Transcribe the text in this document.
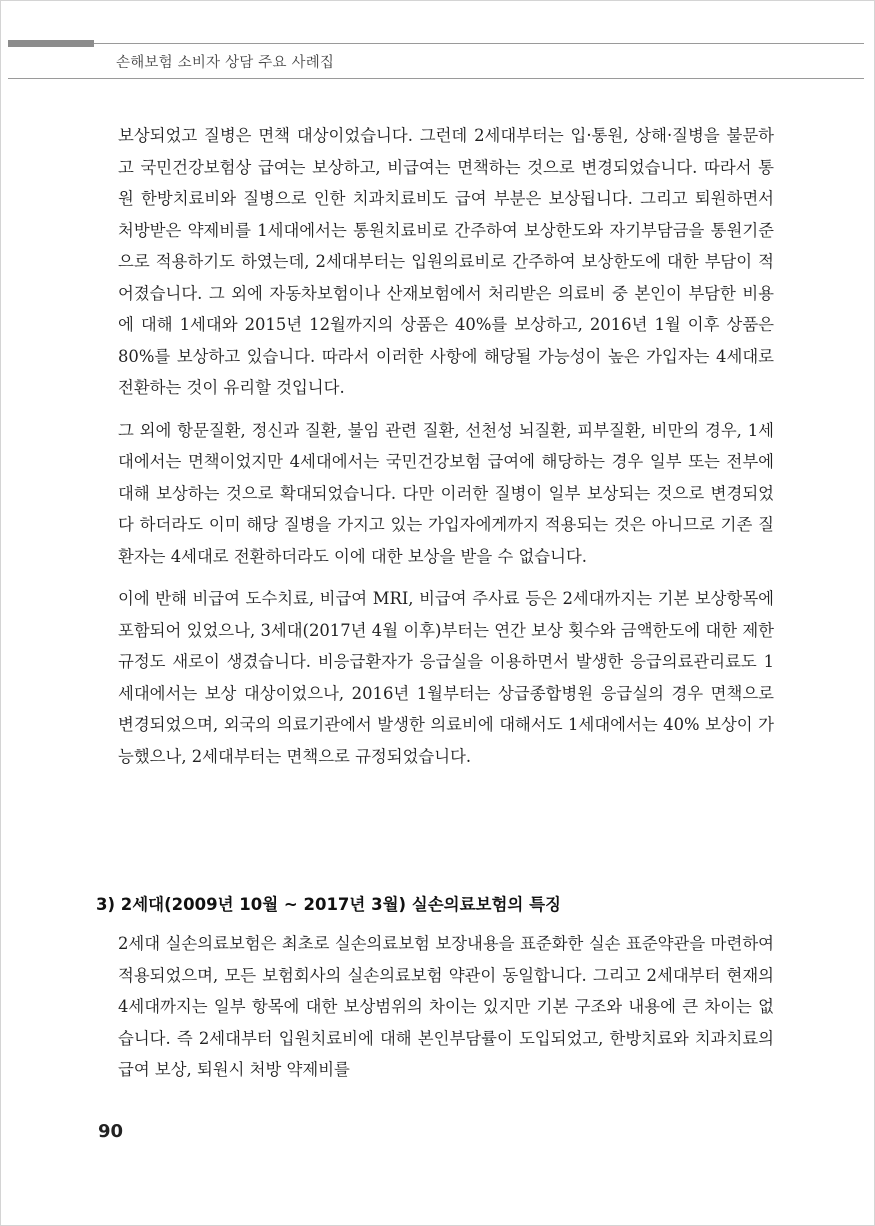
손해보험 소비자 상담 주요 사례집

보상되었고 질병은 면책 대상이었습니다. 그런데 2세대부터는 입·통원, 상해·질병을 불문하고 국민건강보험상 급여는 보상하고, 비급여는 면책하는 것으로 변경되었습니다. 따라서 통원 한방치료비와 질병으로 인한 치과치료비도 급여 부분은 보상됩니다. 그리고 퇴원하면서 처방받은 약제비를 1세대에서는 통원치료비로 간주하여 보상한도와 자기부담금을 통원기준으로 적용하기도 하였는데, 2세대부터는 입원의료비로 간주하여 보상한도에 대한 부담이 적어졌습니다. 그 외에 자동차보험이나 산재보험에서 처리받은 의료비 중 본인이 부담한 비용에 대해 1세대와 2015년 12월까지의 상품은 40%를 보상하고, 2016년 1월 이후 상품은 80%를 보상하고 있습니다. 따라서 이러한 사항에 해당될 가능성이 높은 가입자는 4세대로 전환하는 것이 유리할 것입니다.

그 외에 항문질환, 정신과 질환, 불임 관련 질환, 선천성 뇌질환, 피부질환, 비만의 경우, 1세대에서는 면책이었지만 4세대에서는 국민건강보험 급여에 해당하는 경우 일부 또는 전부에 대해 보상하는 것으로 확대되었습니다. 다만 이러한 질병이 일부 보상되는 것으로 변경되었다 하더라도 이미 해당 질병을 가지고 있는 가입자에게까지 적용되는 것은 아니므로 기존 질환자는 4세대로 전환하더라도 이에 대한 보상을 받을 수 없습니다.

이에 반해 비급여 도수치료, 비급여 MRI, 비급여 주사료 등은 2세대까지는 기본 보상항목에 포함되어 있었으나, 3세대(2017년 4월 이후)부터는 연간 보상 횟수와 금액한도에 대한 제한규정도 새로이 생겼습니다. 비응급환자가 응급실을 이용하면서 발생한 응급의료관리료도 1세대에서는 보상 대상이었으나, 2016년 1월부터는 상급종합병원 응급실의 경우 면책으로 변경되었으며, 외국의 의료기관에서 발생한 의료비에 대해서도 1세대에서는 40% 보상이 가능했으나, 2세대부터는 면책으로 규정되었습니다.

3) 2세대(2009년 10월 ~ 2017년 3월) 실손의료보험의 특징

2세대 실손의료보험은 최초로 실손의료보험 보장내용을 표준화한 실손 표준약관을 마련하여 적용되었으며, 모든 보험회사의 실손의료보험 약관이 동일합니다. 그리고 2세대부터 현재의 4세대까지는 일부 항목에 대한 보상범위의 차이는 있지만 기본 구조와 내용에 큰 차이는 없습니다. 즉 2세대부터 입원치료비에 대해 본인부담률이 도입되었고, 한방치료와 치과치료의 급여 보상, 퇴원시 처방 약제비를

90
